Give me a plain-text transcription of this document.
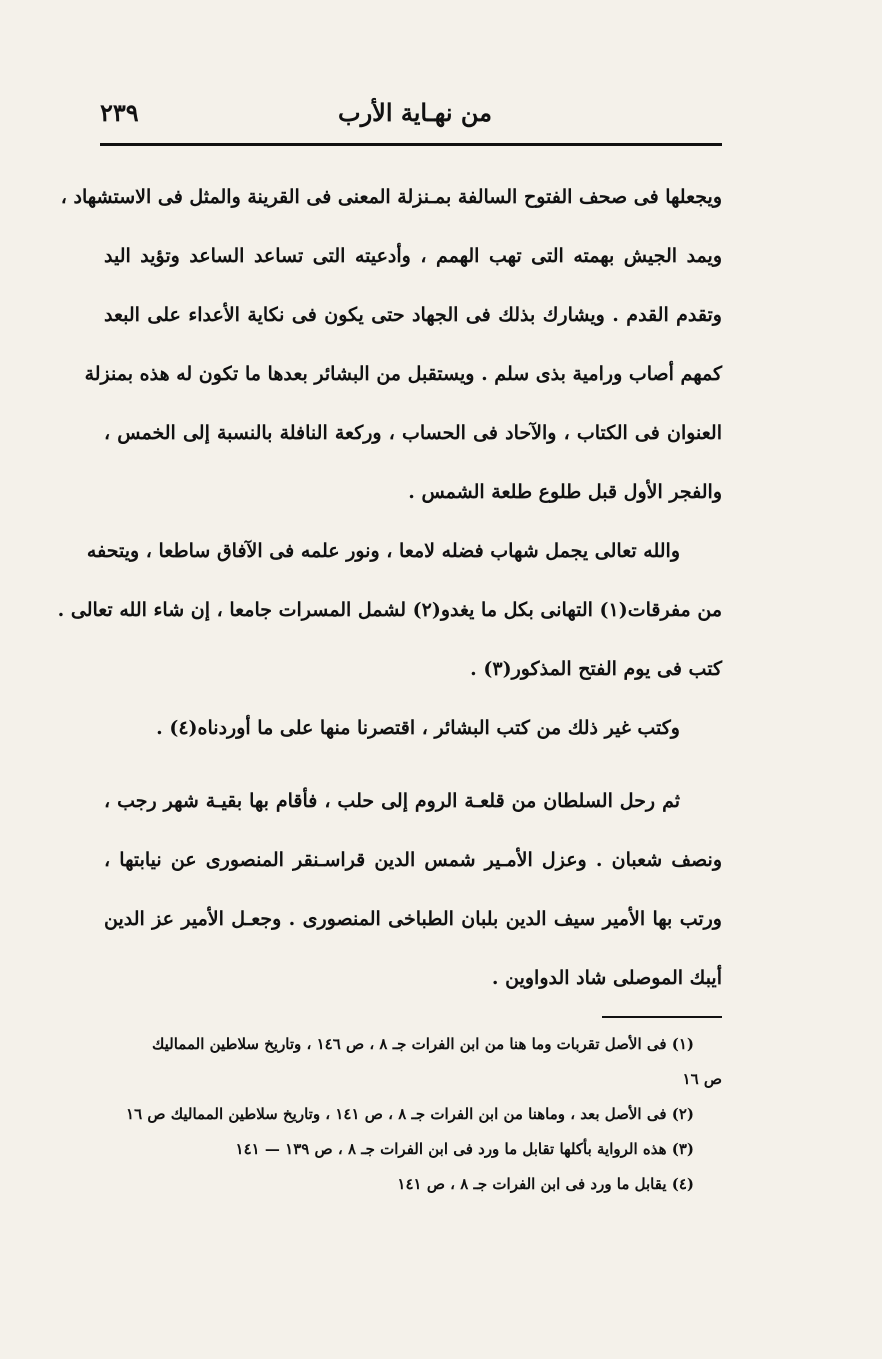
من نهـاية الأرب
٢٣٩
ويجعلها فى صحف الفتوح السالفة بمـنزلة المعنى فى القرينة والمثل فى الاستشهاد ،
ويمد الجيش بهمته التى تهب الهمم ، وأدعيته التى تساعد الساعد وتؤيد اليد
وتقدم القدم . ويشارك بذلك فى الجهاد حتى يكون فى نكاية الأعداء على البعد
كمهم أصاب ورامية بذى سلم . ويستقبل من البشائر بعدها ما تكون له هذه بمنزلة
العنوان فى الكتاب ، والآحاد فى الحساب ، وركعة النافلة بالنسبة إلى الخمس ،
والفجر الأول قبل طلوع طلعة الشمس .
والله تعالى يجمل شهاب فضله لامعا ، ونور علمه فى الآفاق ساطعا ، ويتحفه
من مفرقات(١) التهانى بكل ما يغدو(٢) لشمل المسرات جامعا ، إن شاء الله تعالى .
كتب فى يوم الفتح المذكور(٣) .
وكتب غير ذلك من كتب البشائر ، اقتصرنا منها على ما أوردناه(٤) .
ثم رحل السلطان من قلعـة الروم إلى حلب ، فأقام بها بقيـة شهر رجب ،
ونصف شعبان . وعزل الأمـير شمس الدين قراسـنقر المنصورى عن نيابتها ،
ورتب بها الأمير سيف الدين بلبان الطباخى المنصورى . وجعـل الأمير عز الدين
أيبك الموصلى شاد الدواوين .
(١) فى الأصل تقربات وما هنا من ابن الفرات جـ ٨ ، ص ١٤٦ ، وتاريخ سلاطين المماليك
ص ١٦
(٢) فى الأصل بعد ، وماهنا من ابن الفرات جـ ٨ ، ص ١٤١ ، وتاريخ سلاطين المماليك ص ١٦
(٣) هذه الرواية بأكلها تقابل ما ورد فى ابن الفرات جـ ٨ ، ص ١٣٩ — ١٤١
(٤) يقابل ما ورد فى ابن الفرات جـ ٨ ، ص ١٤١
